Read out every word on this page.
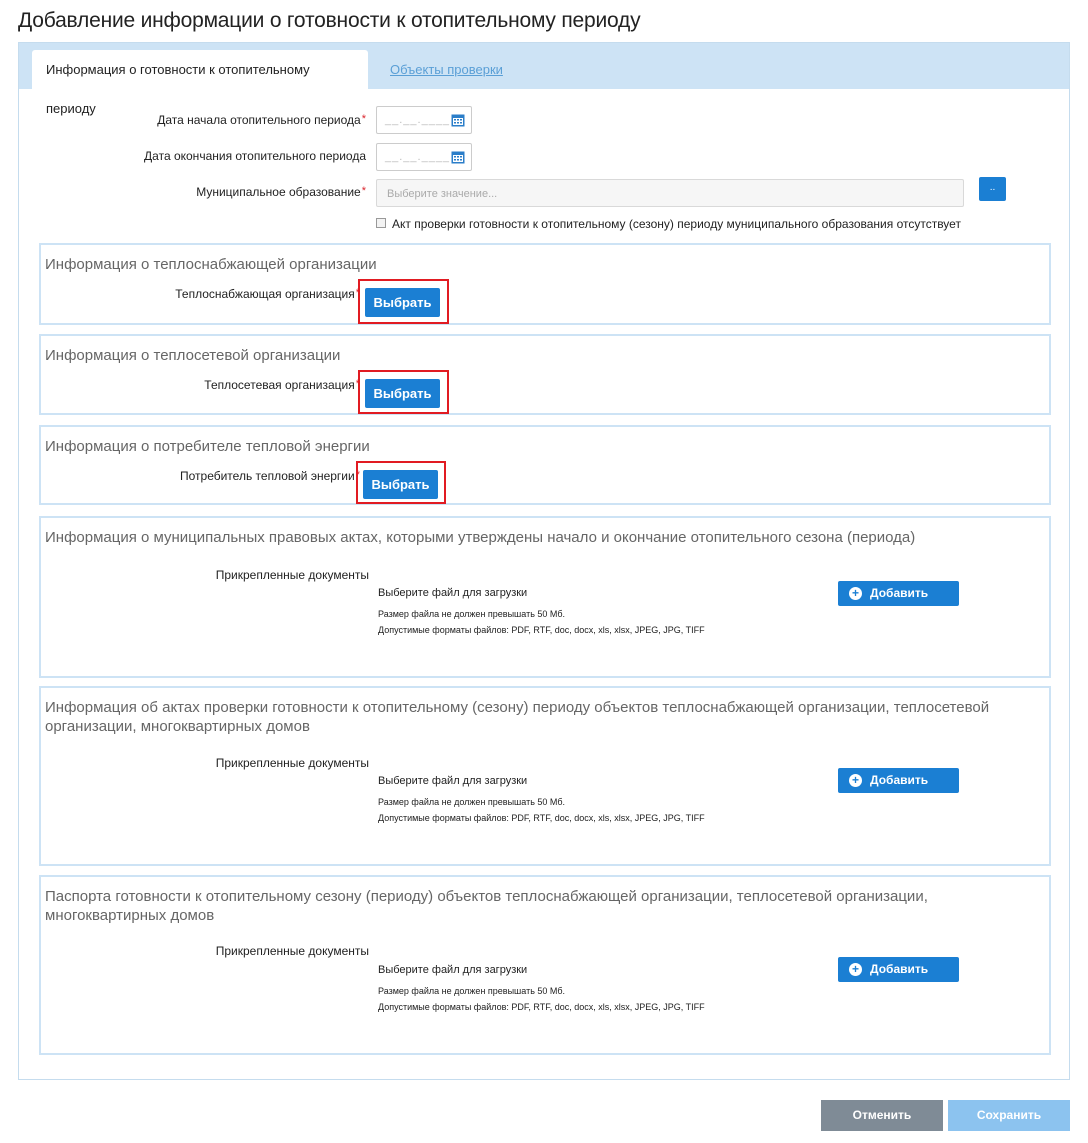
Добавление информации о готовности к отопительному периоду
Информация о готовности к отопительному периоду
Объекты проверки
Дата начала отопительного периода* __.__.____
Дата окончания отопительного периода __.__.____
Муниципальное образование* Выберите значение...
..
Акт проверки готовности к отопительному (сезону) периоду муниципального образования отсутствует
Информация о теплоснабжающей организации
Теплоснабжающая организация*
Выбрать
Информация о теплосетевой организации
Теплосетевая организация*
Выбрать
Информация о потребителе тепловой энергии
Потребитель тепловой энергии*
Выбрать
Информация о муниципальных правовых актах, которыми утверждены начало и окончание отопительного сезона (периода)
Прикрепленные документы
Выберите файл для загрузки
Размер файла не должен превышать 50 Мб.
Допустимые форматы файлов: PDF, RTF, doc, docx, xls, xlsx, JPEG, JPG, TIFF
+ Добавить файл
Информация об актах проверки готовности к отопительному (сезону) периоду объектов теплоснабжающей организации, теплосетевой организации, многоквартирных домов
Прикрепленные документы
Выберите файл для загрузки
Размер файла не должен превышать 50 Мб.
Допустимые форматы файлов: PDF, RTF, doc, docx, xls, xlsx, JPEG, JPG, TIFF
+ Добавить файл
Паспорта готовности к отопительному сезону (периоду) объектов теплоснабжающей организации, теплосетевой организации, многоквартирных домов
Прикрепленные документы
Выберите файл для загрузки
Размер файла не должен превышать 50 Мб.
Допустимые форматы файлов: PDF, RTF, doc, docx, xls, xlsx, JPEG, JPG, TIFF
+ Добавить файл
Отменить	Сохранить
